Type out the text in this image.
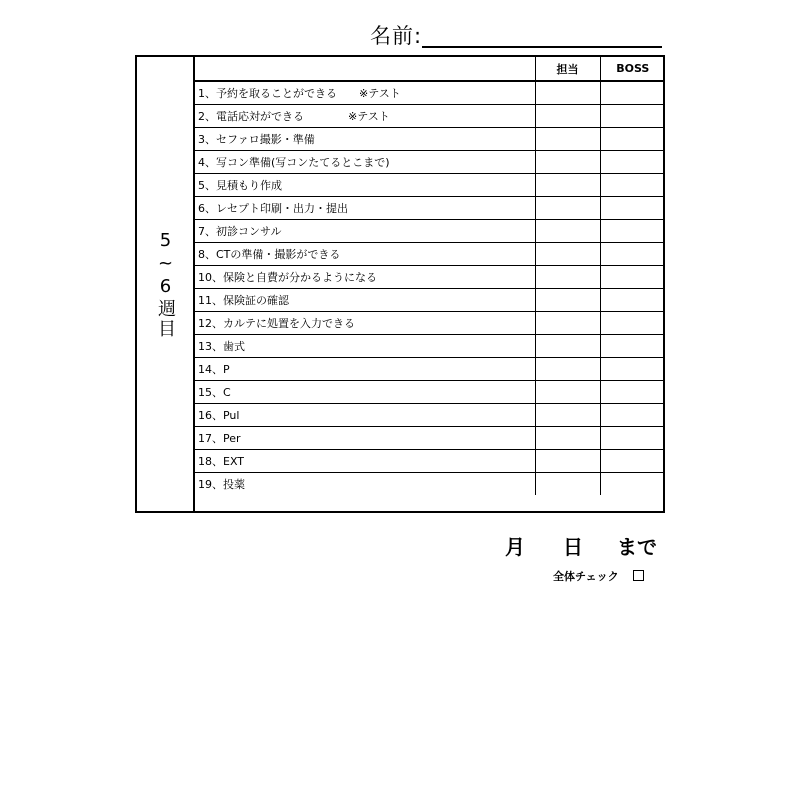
名前:
5~6週目
	担当	BOSS
1、予約を取ることができる　　※テスト		
2、電話応対ができる　　　　※テスト		
3、セファロ撮影・準備		
4、写コン準備(写コンたてるとこまで)		
5、見積もり作成		
6、レセプト印刷・出力・提出		
7、初診コンサル		
8、CTの準備・撮影ができる		
10、保険と自費が分かるようになる		
11、保険証の確認		
12、カルテに処置を入力できる		
13、歯式		
14、P		
15、C		
16、Pul		
17、Per		
18、EXT		
19、投薬		
月 日 まで
全体チェック
